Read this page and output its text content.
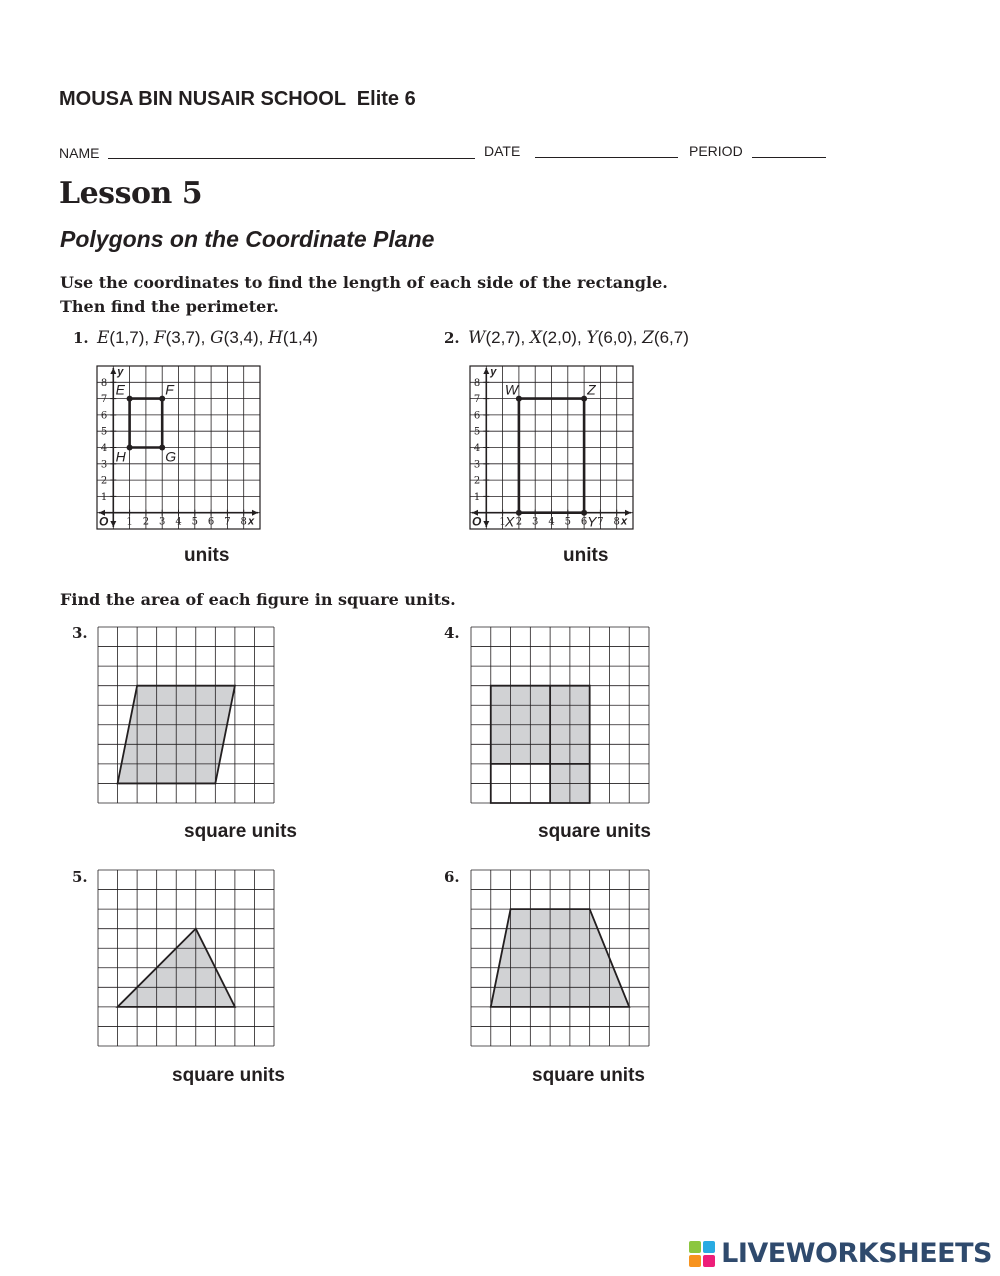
MOUSA BIN NUSAIR SCHOOL  Elite 6
NAME	DATE	PERIOD
Lesson 5
Polygons on the Coordinate Plane
Use the coordinates to find the length of each side of the rectangle.
Then find the perimeter.
1. E(1,7), F(3,7), G(3,4), H(1,4)	2. W(2,7), X(2,0), Y(6,0), Z(6,7)
1 2 3 4 5 6 7 8
1
2
3
4
5
6
7
8
O	x
y
E	F
G
H
1 2 3 4 5 6 7 8
1
2
3
4
5
6
7
8
O	x
y
W
X	Y
Z
units	units
Find the area of each figure in square units.
3.	4.
5.	6.
square units	square units
square units	square units
LIVEWORKSHEETS
